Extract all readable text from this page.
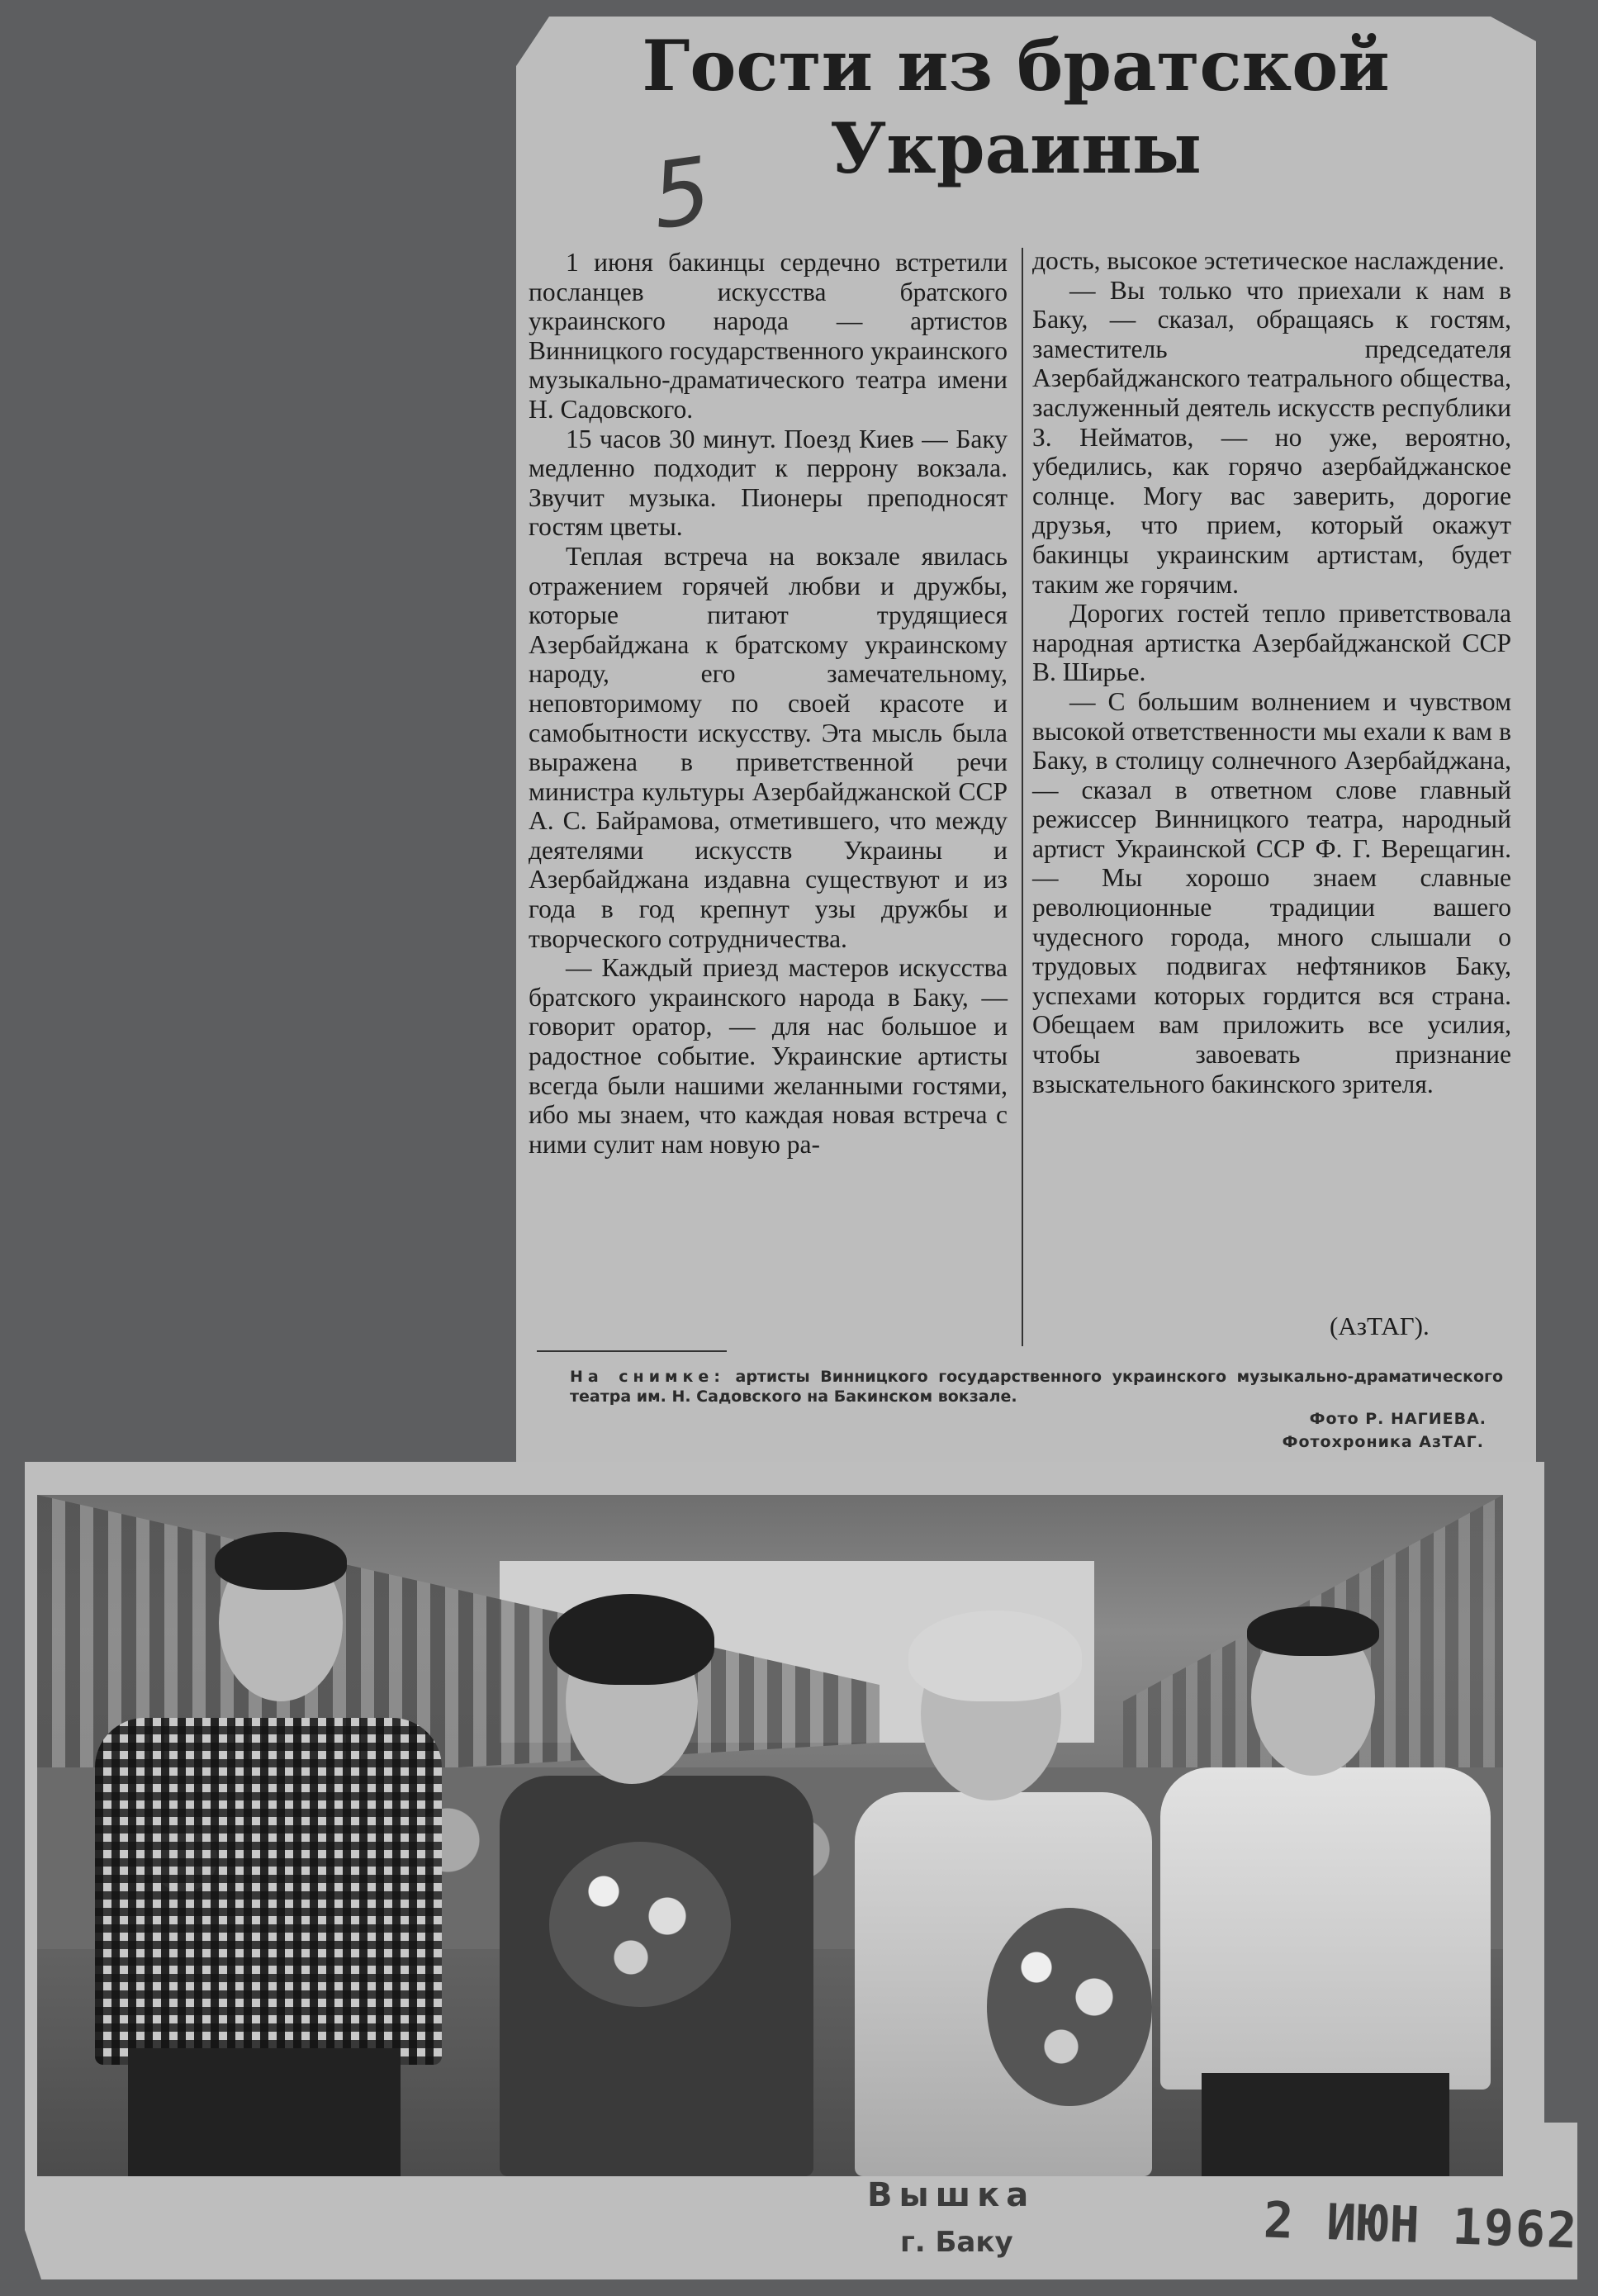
Гости из братской
Украины
5

1 июня бакинцы сердечно встретили посланцев искусства братского украинского народа — артистов Винницкого государственного украинского музыкально-драматического театра имени Н. Садовского.

15 часов 30 минут. Поезд Киев — Баку медленно подходит к перрону вокзала. Звучит музыка. Пионеры преподносят гостям цветы.

Теплая встреча на вокзале явилась отражением горячей любви и дружбы, которые питают трудящиеся Азербайджана к братскому украинскому народу, его замечательному, неповторимому по своей красоте и самобытности искусству. Эта мысль была выражена в приветственной речи министра культуры Азербайджанской ССР А. С. Байрамова, отметившего, что между деятелями искусств Украины и Азербайджана издавна существуют и из года в год крепнут узы дружбы и творческого сотрудничества.

— Каждый приезд мастеров искусства братского украинского народа в Баку, — говорит оратор, — для нас большое и радостное событие. Украинские артисты всегда были нашими желанными гостями, ибо мы знаем, что каждая новая встреча с ними сулит нам новую ра-

дость, высокое эстетическое наслаждение.

— Вы только что приехали к нам в Баку, — сказал, обращаясь к гостям, заместитель председателя Азербайджанского театрального общества, заслуженный деятель искусств республики З. Нейматов, — но уже, вероятно, убедились, как горячо азербайджанское солнце. Могу вас заверить, дорогие друзья, что прием, который окажут бакинцы украинским артистам, будет таким же горячим.

Дорогих гостей тепло приветствовала народная артистка Азербайджанской ССР В. Ширье.

— С большим волнением и чувством высокой ответственности мы ехали к вам в Баку, в столицу солнечного Азербайджана, — сказал в ответном слове главный режиссер Винницкого театра, народный артист Украинской ССР Ф. Г. Верещагин. — Мы хорошо знаем славные революционные традиции вашего чудесного города, много слышали о трудовых подвигах нефтяников Баку, успехами которых гордится вся страна. Обещаем вам приложить все усилия, чтобы завоевать признание взыскательного бакинского зрителя.

(АзТАГ).
На снимке: артисты Винницкого государственного украинского музыкально-драматического театра им. Н. Садовского на Бакинском вокзале.
Фото Р. НАГИЕВА.
Фотохроника АзТАГ.
Вышка
г. Баку	2 ИЮН 1962
